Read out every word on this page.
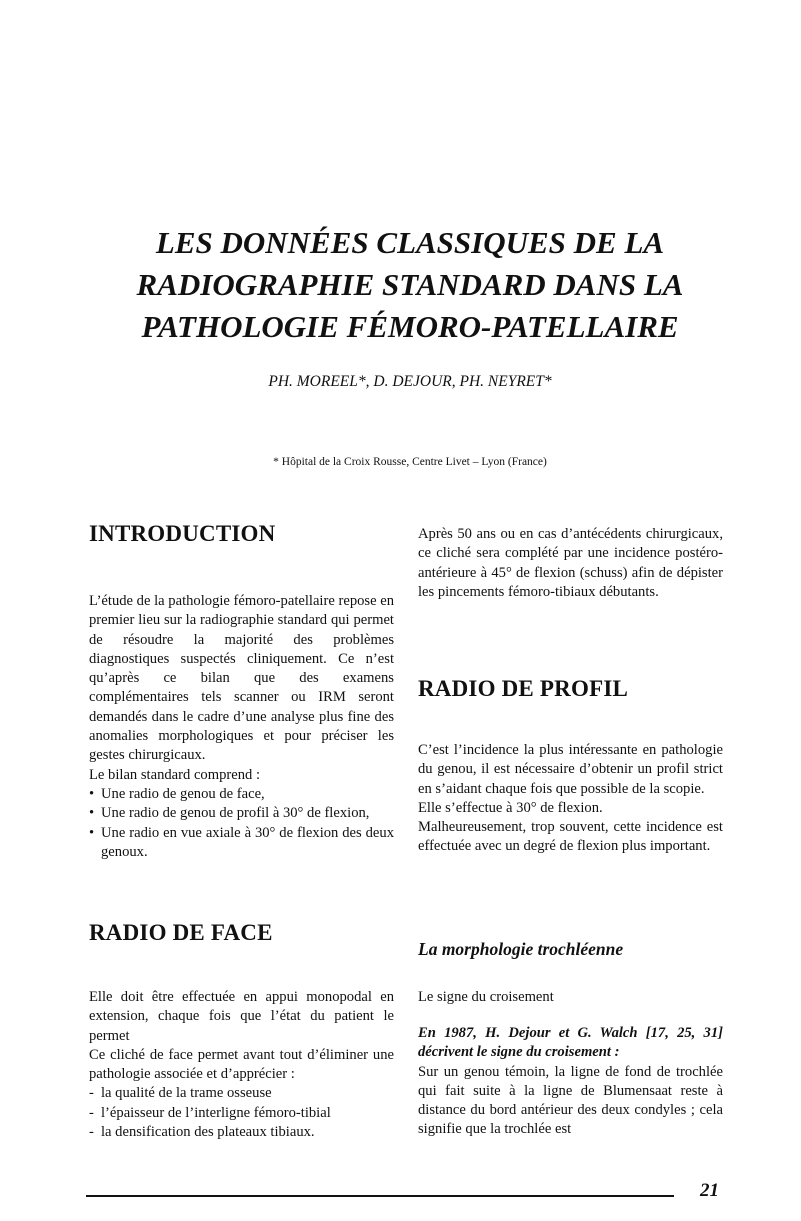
LES DONNÉES CLASSIQUES DE LA
RADIOGRAPHIE STANDARD DANS LA
PATHOLOGIE FÉMORO-PATELLAIRE

PH. MOREEL*, D. DEJOUR, PH. NEYRET*

* Hôpital de la Croix Rousse, Centre Livet – Lyon (France)

INTRODUCTION

L’étude de la pathologie fémoro-patellaire repose en premier lieu sur la radiographie standard qui permet de résoudre la majorité des problèmes diagnostiques suspectés cliniquement. Ce n’est qu’après ce bilan que des examens complémentaires tels scanner ou IRM seront demandés dans le cadre d’une analyse plus fine des anomalies morphologiques et pour préciser les gestes chirurgicaux.

Le bilan standard comprend :

• Une radio de genou de face,
• Une radio de genou de profil à 30° de flexion,
• Une radio en vue axiale à 30° de flexion des deux genoux.
RADIO DE FACE

Elle doit être effectuée en appui monopodal en extension, chaque fois que l’état du patient le permet

Ce cliché de face permet avant tout d’éliminer une pathologie associée et d’apprécier :

- la qualité de la trame osseuse
- l’épaisseur de l’interligne fémoro-tibial
- la densification des plateaux tibiaux.

Après 50 ans ou en cas d’antécédents chirurgicaux, ce cliché sera complété par une incidence postéro-antérieure à 45° de flexion (schuss) afin de dépister les pincements fémoro-tibiaux débutants.

RADIO DE PROFIL

C’est l’incidence la plus intéressante en pathologie du genou, il est nécessaire d’obtenir un profil strict en s’aidant chaque fois que possible de la scopie.

Elle s’effectue à 30° de flexion.

Malheureusement, trop souvent, cette incidence est effectuée avec un degré de flexion plus important.

La morphologie trochléenne

Le signe du croisement

En 1987, H. Dejour et G. Walch [17, 25, 31] décrivent le signe du croisement :

Sur un genou témoin, la ligne de fond de trochlée qui fait suite à la ligne de Blumensaat reste à distance du bord antérieur des deux condyles ; cela signifie que la trochlée est

21
